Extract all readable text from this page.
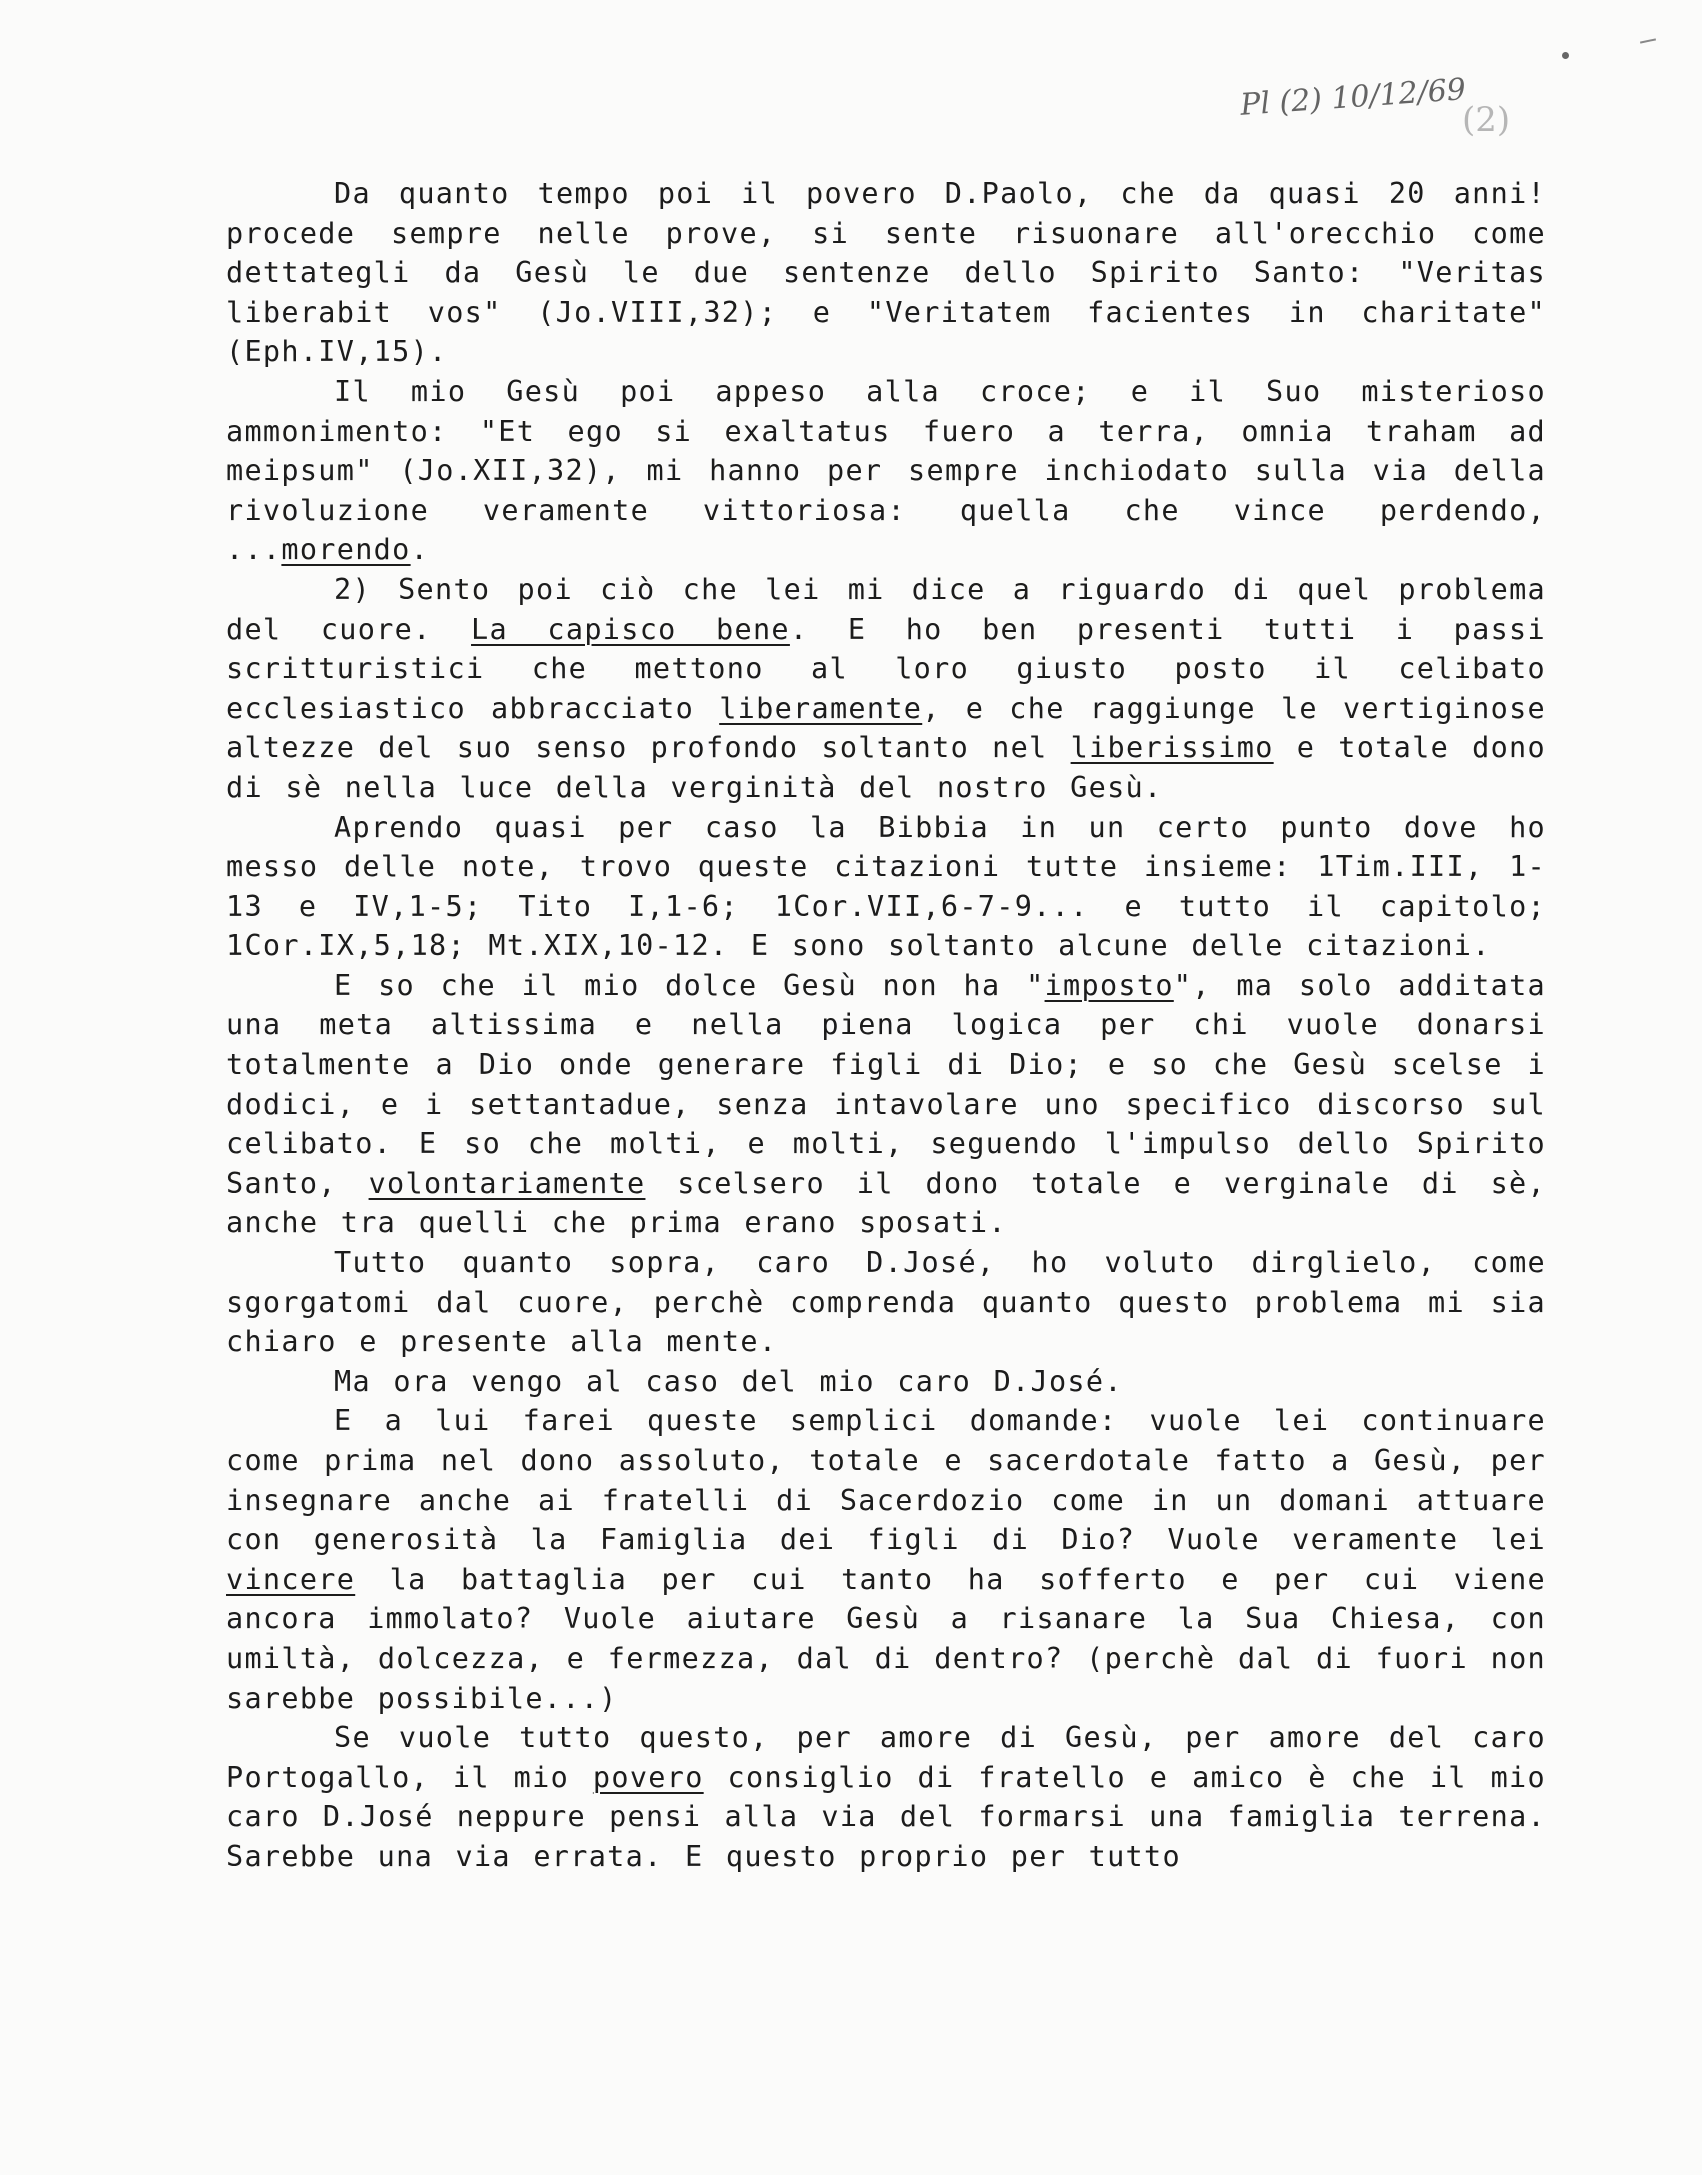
Pl (2) 10/12/69
(2)

Da quanto tempo poi il povero D.Paolo, che da quasi 20 anni! procede sempre nelle prove, si sente risuonare all'orecchio come dettategli da Gesù le due sentenze dello Spirito Santo: "Veritas liberabit vos" (Jo.VIII,32); e "Veritatem facientes in charitate" (Eph.IV,15).

Il mio Gesù poi appeso alla croce; e il Suo misterioso ammonimento: "Et ego si exaltatus fuero a terra, omnia traham ad meipsum" (Jo.XII,32), mi hanno per sempre inchiodato sulla via della rivoluzione veramente vittoriosa: quella che vince perdendo, ...morendo.

2) Sento poi ciò che lei mi dice a riguardo di quel problema del cuore. La capisco bene. E ho ben presenti tutti i passi scritturistici che mettono al loro giusto posto il celibato ecclesiastico abbracciato liberamente, e che raggiunge le vertiginose altezze del suo senso profondo soltanto nel liberissimo e totale dono di sè nella luce della verginità del nostro Gesù.

Aprendo quasi per caso la Bibbia in un certo punto dove ho messo delle note, trovo queste citazioni tutte insieme: 1Tim.III, 1-13 e IV,1-5; Tito I,1-6; 1Cor.VII,6-7-9... e tutto il capitolo; 1Cor.IX,5,18; Mt.XIX,10-12. E sono soltanto alcune delle citazioni.

E so che il mio dolce Gesù non ha "imposto", ma solo additata una meta altissima e nella piena logica per chi vuole donarsi totalmente a Dio onde generare figli di Dio; e so che Gesù scelse i dodici, e i settantadue, senza intavolare uno specifico discorso sul celibato. E so che molti, e molti, seguendo l'impulso dello Spirito Santo, volontariamente scelsero il dono totale e verginale di sè, anche tra quelli che prima erano sposati.

Tutto quanto sopra, caro D.José, ho voluto dirglielo, come sgorgatomi dal cuore, perchè comprenda quanto questo problema mi sia chiaro e presente alla mente.

Ma ora vengo al caso del mio caro D.José.

E a lui farei queste semplici domande: vuole lei continuare come prima nel dono assoluto, totale e sacerdotale fatto a Gesù, per insegnare anche ai fratelli di Sacerdozio come in un domani attuare con generosità la Famiglia dei figli di Dio? Vuole veramente lei vincere la battaglia per cui tanto ha sofferto e per cui viene ancora immolato? Vuole aiutare Gesù a risanare la Sua Chiesa, con umiltà, dolcezza, e fermezza, dal di dentro? (perchè dal di fuori non sarebbe possibile...)

Se vuole tutto questo, per amore di Gesù, per amore del caro Portogallo, il mio povero consiglio di fratello e amico è che il mio caro D.José neppure pensi alla via del formarsi una famiglia terrena. Sarebbe una via errata. E questo proprio per tutto
